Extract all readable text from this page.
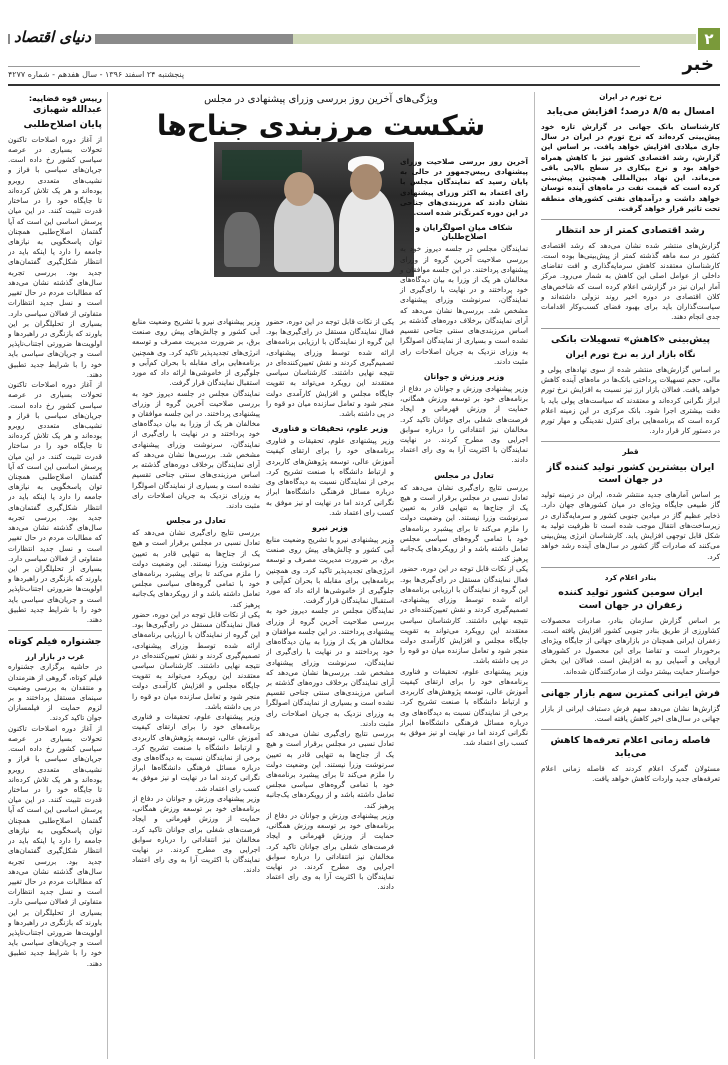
۲
دنیای اقتصاد
خبر
پنجشنبه ۲۴ اسفند ۱۳۹۶ - سال هفدهم - شماره ۴۲۷۷
نرخ تورم در ایران
امسال به ۸/۵ درصد؛ افزایش می‌یابد
کارشناسان بانک جهانی در گزارش تازه خود پیش‌بینی کرده‌اند که نرخ تورم در ایران در سال جاری میلادی افزایش خواهد یافت. بر اساس این گزارش، رشد اقتصادی کشور نیز با کاهش همراه خواهد بود و نرخ بیکاری در سطح بالایی باقی می‌ماند. این نهاد بین‌المللی همچنین پیش‌بینی کرده است که قیمت نفت در ماه‌های آینده نوسان خواهد داشت و درآمدهای نفتی کشورهای منطقه تحت تاثیر قرار خواهد گرفت.
رشد اقتصادی کمتر از حد انتظار
گزارش‌های منتشر شده نشان می‌دهد که رشد اقتصادی کشور در سه ماهه گذشته کمتر از پیش‌بینی‌ها بوده است. کارشناسان معتقدند کاهش سرمایه‌گذاری و افت تقاضای داخلی از عوامل اصلی این کاهش به شمار می‌رود. مرکز آمار ایران نیز در گزارشی اعلام کرده است که شاخص‌های کلان اقتصادی در دوره اخیر روند نزولی داشته‌اند و سیاست‌گذاران باید برای بهبود فضای کسب‌وکار اقدامات جدی انجام دهند.
پیش‌بینی «کاهش» تسهیلات بانکی
نگاه بازار ارز به نرخ تورم ایران
بر اساس گزارش‌های منتشر شده از سوی نهادهای پولی و مالی، حجم تسهیلات پرداختی بانک‌ها در ماه‌های آینده کاهش خواهد یافت. فعالان بازار ارز نیز نسبت به افزایش نرخ تورم ابراز نگرانی کرده‌اند و معتقدند که سیاست‌های پولی باید با دقت بیشتری اجرا شود. بانک مرکزی در این زمینه اعلام کرده است که برنامه‌هایی برای کنترل نقدینگی و مهار تورم در دستور کار قرار دارد.
قطر
ایران بیشترین کشور تولید کننده گاز در جهان است
بر اساس آمارهای جدید منتشر شده، ایران در زمینه تولید گاز طبیعی جایگاه ویژه‌ای در میان کشورهای جهان دارد. ذخایر عظیم گاز در میادین جنوبی کشور و سرمایه‌گذاری در زیرساخت‌های انتقال موجب شده است تا ظرفیت تولید به شکل قابل توجهی افزایش یابد. کارشناسان انرژی پیش‌بینی می‌کنند که صادرات گاز کشور در سال‌های آینده رشد خواهد کرد.
بنادر اعلام کرد
ایران سومین کشور تولید کننده زعفران در جهان است
بر اساس گزارش سازمان بنادر، صادرات محصولات کشاورزی از طریق بنادر جنوبی کشور افزایش یافته است. زعفران ایرانی همچنان در بازارهای جهانی از جایگاه ویژه‌ای برخوردار است و تقاضا برای این محصول در کشورهای اروپایی و آسیایی رو به افزایش است. فعالان این بخش خواستار حمایت بیشتر دولت از صادرکنندگان شده‌اند.
فرش ایرانی کمترین سهم بازار جهانی
گزارش‌ها نشان می‌دهد سهم فرش دستباف ایرانی از بازار جهانی در سال‌های اخیر کاهش یافته است.
فاصله زمانی اعلام تعرفه‌ها کاهش می‌یابد
مسئولان گمرک اعلام کردند که فاصله زمانی اعلام تعرفه‌های جدید واردات کاهش خواهد یافت.
ویژگی‌های آخرین روز بررسی وزرای پیشنهادی در مجلس
شکست مرزبندی جناح‌ها
آخرین روز بررسی صلاحیت وزرای پیشنهادی رییس‌جمهور در حالی به پایان رسید که نمایندگان مجلس با رای اعتماد به اکثر وزرای پیشنهادی نشان دادند که مرزبندی‌های جناحی در این دوره کمرنگ‌تر شده است.
شکاف میان اصولگرایان و اصلاح‌طلبان
نمایندگان مجلس در جلسه دیروز خود به بررسی صلاحیت آخرین گروه از وزرای پیشنهادی پرداختند. در این جلسه موافقان و مخالفان هر یک از وزرا به بیان دیدگاه‌های خود پرداختند و در نهایت با رای‌گیری از نمایندگان، سرنوشت وزرای پیشنهادی مشخص شد. بررسی‌ها نشان می‌دهد که آرای نمایندگان برخلاف دوره‌های گذشته بر اساس مرزبندی‌های سنتی جناحی تقسیم نشده است و بسیاری از نمایندگان اصولگرا به وزرای نزدیک به جریان اصلاحات رای مثبت دادند.
وزیر ورزش و جوانان
وزیر پیشنهادی ورزش و جوانان در دفاع از برنامه‌های خود بر توسعه ورزش همگانی، حمایت از ورزش قهرمانی و ایجاد فرصت‌های شغلی برای جوانان تاکید کرد. مخالفان نیز انتقاداتی را درباره سوابق اجرایی وی مطرح کردند. در نهایت نمایندگان با اکثریت آرا به وی رای اعتماد دادند.
تعادل در مجلس
بررسی نتایج رای‌گیری نشان می‌دهد که تعادل نسبی در مجلس برقرار است و هیچ یک از جناح‌ها به تنهایی قادر به تعیین سرنوشت وزرا نیستند. این وضعیت دولت را ملزم می‌کند تا برای پیشبرد برنامه‌های خود با تمامی گروه‌های سیاسی مجلس تعامل داشته باشد و از رویکردهای یک‌جانبه پرهیز کند.
یکی از نکات قابل توجه در این دوره، حضور فعال نمایندگان مستقل در رای‌گیری‌ها بود. این گروه از نمایندگان با ارزیابی برنامه‌های ارائه شده توسط وزرای پیشنهادی، تصمیم‌گیری کردند و نقش تعیین‌کننده‌ای در نتیجه نهایی داشتند. کارشناسان سیاسی معتقدند این رویکرد می‌تواند به تقویت جایگاه مجلس و افزایش کارآمدی دولت منجر شود و تعامل سازنده میان دو قوه را در پی داشته باشد.
وزیر پیشنهادی علوم، تحقیقات و فناوری برنامه‌های خود را برای ارتقای کیفیت آموزش عالی، توسعه پژوهش‌های کاربردی و ارتباط دانشگاه با صنعت تشریح کرد. برخی از نمایندگان نسبت به دیدگاه‌های وی درباره مسائل فرهنگی دانشگاه‌ها ابراز نگرانی کردند اما در نهایت او نیز موفق به کسب رای اعتماد شد.
یکی از نکات قابل توجه در این دوره، حضور فعال نمایندگان مستقل در رای‌گیری‌ها بود. این گروه از نمایندگان با ارزیابی برنامه‌های ارائه شده توسط وزرای پیشنهادی، تصمیم‌گیری کردند و نقش تعیین‌کننده‌ای در نتیجه نهایی داشتند. کارشناسان سیاسی معتقدند این رویکرد می‌تواند به تقویت جایگاه مجلس و افزایش کارآمدی دولت منجر شود و تعامل سازنده میان دو قوه را در پی داشته باشد.
وزیر علوم، تحقیقات و فناوری
وزیر پیشنهادی علوم، تحقیقات و فناوری برنامه‌های خود را برای ارتقای کیفیت آموزش عالی، توسعه پژوهش‌های کاربردی و ارتباط دانشگاه با صنعت تشریح کرد. برخی از نمایندگان نسبت به دیدگاه‌های وی درباره مسائل فرهنگی دانشگاه‌ها ابراز نگرانی کردند اما در نهایت او نیز موفق به کسب رای اعتماد شد.
وزیر نیرو
وزیر پیشنهادی نیرو با تشریح وضعیت منابع آبی کشور و چالش‌های پیش روی صنعت برق، بر ضرورت مدیریت مصرف و توسعه انرژی‌های تجدیدپذیر تاکید کرد. وی همچنین برنامه‌هایی برای مقابله با بحران کم‌آبی و جلوگیری از خاموشی‌ها ارائه داد که مورد استقبال نمایندگان قرار گرفت.
نمایندگان مجلس در جلسه دیروز خود به بررسی صلاحیت آخرین گروه از وزرای پیشنهادی پرداختند. در این جلسه موافقان و مخالفان هر یک از وزرا به بیان دیدگاه‌های خود پرداختند و در نهایت با رای‌گیری از نمایندگان، سرنوشت وزرای پیشنهادی مشخص شد. بررسی‌ها نشان می‌دهد که آرای نمایندگان برخلاف دوره‌های گذشته بر اساس مرزبندی‌های سنتی جناحی تقسیم نشده است و بسیاری از نمایندگان اصولگرا به وزرای نزدیک به جریان اصلاحات رای مثبت دادند.
بررسی نتایج رای‌گیری نشان می‌دهد که تعادل نسبی در مجلس برقرار است و هیچ یک از جناح‌ها به تنهایی قادر به تعیین سرنوشت وزرا نیستند. این وضعیت دولت را ملزم می‌کند تا برای پیشبرد برنامه‌های خود با تمامی گروه‌های سیاسی مجلس تعامل داشته باشد و از رویکردهای یک‌جانبه پرهیز کند.
وزیر پیشنهادی ورزش و جوانان در دفاع از برنامه‌های خود بر توسعه ورزش همگانی، حمایت از ورزش قهرمانی و ایجاد فرصت‌های شغلی برای جوانان تاکید کرد. مخالفان نیز انتقاداتی را درباره سوابق اجرایی وی مطرح کردند. در نهایت نمایندگان با اکثریت آرا به وی رای اعتماد دادند.
وزیر پیشنهادی نیرو با تشریح وضعیت منابع آبی کشور و چالش‌های پیش روی صنعت برق، بر ضرورت مدیریت مصرف و توسعه انرژی‌های تجدیدپذیر تاکید کرد. وی همچنین برنامه‌هایی برای مقابله با بحران کم‌آبی و جلوگیری از خاموشی‌ها ارائه داد که مورد استقبال نمایندگان قرار گرفت.
نمایندگان مجلس در جلسه دیروز خود به بررسی صلاحیت آخرین گروه از وزرای پیشنهادی پرداختند. در این جلسه موافقان و مخالفان هر یک از وزرا به بیان دیدگاه‌های خود پرداختند و در نهایت با رای‌گیری از نمایندگان، سرنوشت وزرای پیشنهادی مشخص شد. بررسی‌ها نشان می‌دهد که آرای نمایندگان برخلاف دوره‌های گذشته بر اساس مرزبندی‌های سنتی جناحی تقسیم نشده است و بسیاری از نمایندگان اصولگرا به وزرای نزدیک به جریان اصلاحات رای مثبت دادند.
تعادل در مجلس
بررسی نتایج رای‌گیری نشان می‌دهد که تعادل نسبی در مجلس برقرار است و هیچ یک از جناح‌ها به تنهایی قادر به تعیین سرنوشت وزرا نیستند. این وضعیت دولت را ملزم می‌کند تا برای پیشبرد برنامه‌های خود با تمامی گروه‌های سیاسی مجلس تعامل داشته باشد و از رویکردهای یک‌جانبه پرهیز کند.
یکی از نکات قابل توجه در این دوره، حضور فعال نمایندگان مستقل در رای‌گیری‌ها بود. این گروه از نمایندگان با ارزیابی برنامه‌های ارائه شده توسط وزرای پیشنهادی، تصمیم‌گیری کردند و نقش تعیین‌کننده‌ای در نتیجه نهایی داشتند. کارشناسان سیاسی معتقدند این رویکرد می‌تواند به تقویت جایگاه مجلس و افزایش کارآمدی دولت منجر شود و تعامل سازنده میان دو قوه را در پی داشته باشد.
وزیر پیشنهادی علوم، تحقیقات و فناوری برنامه‌های خود را برای ارتقای کیفیت آموزش عالی، توسعه پژوهش‌های کاربردی و ارتباط دانشگاه با صنعت تشریح کرد. برخی از نمایندگان نسبت به دیدگاه‌های وی درباره مسائل فرهنگی دانشگاه‌ها ابراز نگرانی کردند اما در نهایت او نیز موفق به کسب رای اعتماد شد.
وزیر پیشنهادی ورزش و جوانان در دفاع از برنامه‌های خود بر توسعه ورزش همگانی، حمایت از ورزش قهرمانی و ایجاد فرصت‌های شغلی برای جوانان تاکید کرد. مخالفان نیز انتقاداتی را درباره سوابق اجرایی وی مطرح کردند. در نهایت نمایندگان با اکثریت آرا به وی رای اعتماد دادند.
رییس قوه قضاییه:
عبدالله شهبازی
پایان اصلاح‌طلبی
از آغاز دوره اصلاحات تاکنون تحولات بسیاری در عرصه سیاسی کشور رخ داده است. جریان‌های سیاسی با فراز و نشیب‌های متعددی روبرو بوده‌اند و هر یک تلاش کرده‌اند تا جایگاه خود را در ساختار قدرت تثبیت کنند. در این میان پرسش اساسی این است که آیا گفتمان اصلاح‌طلبی همچنان توان پاسخگویی به نیازهای جامعه را دارد یا اینکه باید در انتظار شکل‌گیری گفتمان‌های جدید بود. بررسی تجربه سال‌های گذشته نشان می‌دهد که مطالبات مردم در حال تغییر است و نسل جدید انتظارات متفاوتی از فعالان سیاسی دارد. بسیاری از تحلیلگران بر این باورند که بازنگری در راهبردها و اولویت‌ها ضرورتی اجتناب‌ناپذیر است و جریان‌های سیاسی باید خود را با شرایط جدید تطبیق دهند.
از آغاز دوره اصلاحات تاکنون تحولات بسیاری در عرصه سیاسی کشور رخ داده است. جریان‌های سیاسی با فراز و نشیب‌های متعددی روبرو بوده‌اند و هر یک تلاش کرده‌اند تا جایگاه خود را در ساختار قدرت تثبیت کنند. در این میان پرسش اساسی این است که آیا گفتمان اصلاح‌طلبی همچنان توان پاسخگویی به نیازهای جامعه را دارد یا اینکه باید در انتظار شکل‌گیری گفتمان‌های جدید بود. بررسی تجربه سال‌های گذشته نشان می‌دهد که مطالبات مردم در حال تغییر است و نسل جدید انتظارات متفاوتی از فعالان سیاسی دارد. بسیاری از تحلیلگران بر این باورند که بازنگری در راهبردها و اولویت‌ها ضرورتی اجتناب‌ناپذیر است و جریان‌های سیاسی باید خود را با شرایط جدید تطبیق دهند.
جشنواره فیلم کوتاه
غرب در بازار ارز
در حاشیه برگزاری جشنواره فیلم کوتاه، گروهی از هنرمندان و منتقدان به بررسی وضعیت سینمای مستقل پرداختند و بر لزوم حمایت از فیلمسازان جوان تاکید کردند.
از آغاز دوره اصلاحات تاکنون تحولات بسیاری در عرصه سیاسی کشور رخ داده است. جریان‌های سیاسی با فراز و نشیب‌های متعددی روبرو بوده‌اند و هر یک تلاش کرده‌اند تا جایگاه خود را در ساختار قدرت تثبیت کنند. در این میان پرسش اساسی این است که آیا گفتمان اصلاح‌طلبی همچنان توان پاسخگویی به نیازهای جامعه را دارد یا اینکه باید در انتظار شکل‌گیری گفتمان‌های جدید بود. بررسی تجربه سال‌های گذشته نشان می‌دهد که مطالبات مردم در حال تغییر است و نسل جدید انتظارات متفاوتی از فعالان سیاسی دارد. بسیاری از تحلیلگران بر این باورند که بازنگری در راهبردها و اولویت‌ها ضرورتی اجتناب‌ناپذیر است و جریان‌های سیاسی باید خود را با شرایط جدید تطبیق دهند.
